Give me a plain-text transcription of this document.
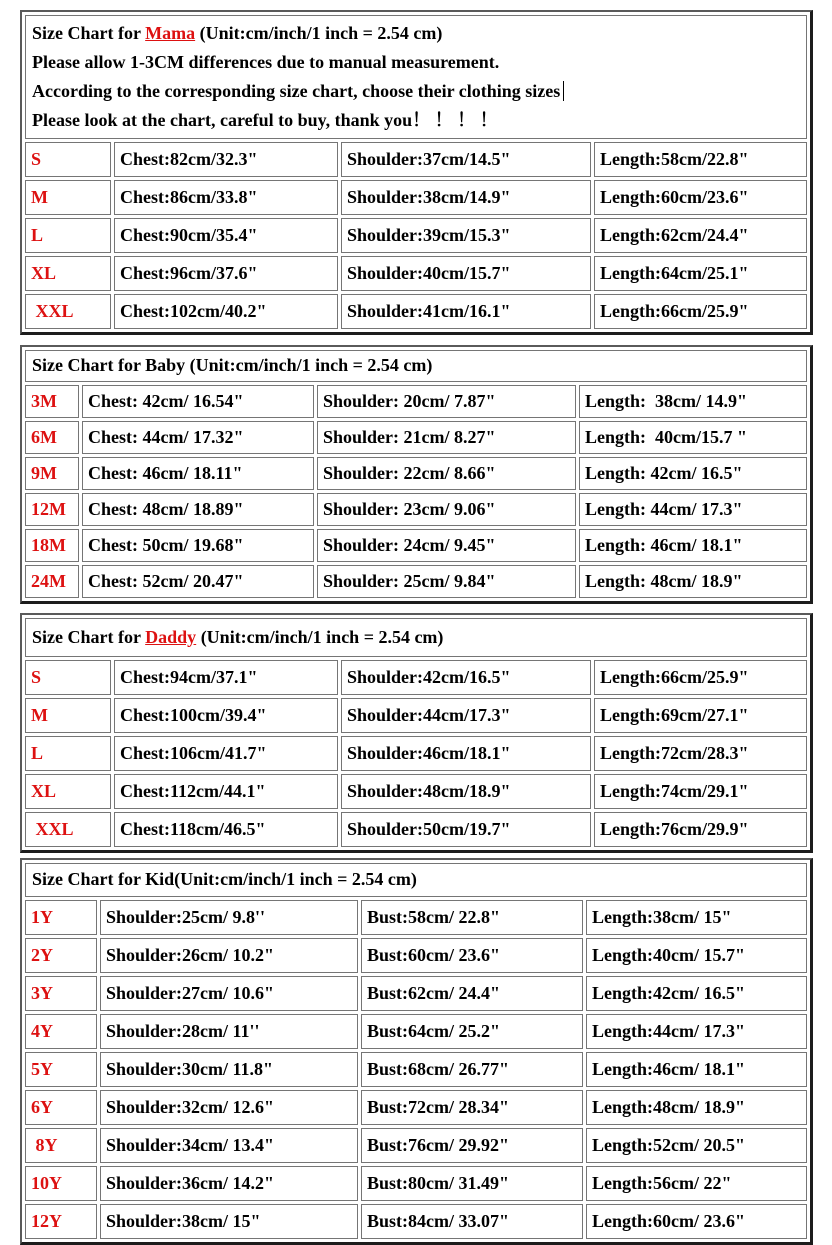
Size Chart for Mama (Unit:cm/inch/1 inch = 2.54 cm)
Please allow 1-3CM differences due to manual measurement.
According to the corresponding size chart, choose their clothing sizes
Please look at the chart, careful to buy, thank you！ ！ ！ ！			

S	Chest:82cm/32.3"	Shoulder:37cm/14.5"	Length:58cm/22.8"
M	Chest:86cm/33.8"	Shoulder:38cm/14.9"	Length:60cm/23.6"
L	Chest:90cm/35.4"	Shoulder:39cm/15.3"	Length:62cm/24.4"
XL	Chest:96cm/37.6"	Shoulder:40cm/15.7"	Length:64cm/25.1"
XXL	Chest:102cm/40.2"	Shoulder:41cm/16.1"	Length:66cm/25.9"
Size Chart for Baby (Unit:cm/inch/1 inch = 2.54 cm)			

3M	Chest: 42cm/ 16.54"	Shoulder: 20cm/ 7.87"	Length:  38cm/ 14.9"
6M	Chest: 44cm/ 17.32"	Shoulder: 21cm/ 8.27"	Length:  40cm/15.7 "
9M	Chest: 46cm/ 18.11"	Shoulder: 22cm/ 8.66"	Length: 42cm/ 16.5"
12M	Chest: 48cm/ 18.89"	Shoulder: 23cm/ 9.06"	Length: 44cm/ 17.3"
18M	Chest: 50cm/ 19.68"	Shoulder: 24cm/ 9.45"	Length: 46cm/ 18.1"
24M	Chest: 52cm/ 20.47"	Shoulder: 25cm/ 9.84"	Length: 48cm/ 18.9"
Size Chart for Daddy (Unit:cm/inch/1 inch = 2.54 cm)			

S	Chest:94cm/37.1"	Shoulder:42cm/16.5"	Length:66cm/25.9"
M	Chest:100cm/39.4"	Shoulder:44cm/17.3"	Length:69cm/27.1"
L	Chest:106cm/41.7"	Shoulder:46cm/18.1"	Length:72cm/28.3"
XL	Chest:112cm/44.1"	Shoulder:48cm/18.9"	Length:74cm/29.1"
XXL	Chest:118cm/46.5"	Shoulder:50cm/19.7"	Length:76cm/29.9"
Size Chart for Kid(Unit:cm/inch/1 inch = 2.54 cm)			

1Y	Shoulder:25cm/ 9.8''	Bust:58cm/ 22.8"	Length:38cm/ 15"
2Y	Shoulder:26cm/ 10.2"	Bust:60cm/ 23.6"	Length:40cm/ 15.7"
3Y	Shoulder:27cm/ 10.6"	Bust:62cm/ 24.4"	Length:42cm/ 16.5"
4Y	Shoulder:28cm/ 11''	Bust:64cm/ 25.2"	Length:44cm/ 17.3"
5Y	Shoulder:30cm/ 11.8"	Bust:68cm/ 26.77"	Length:46cm/ 18.1"
6Y	Shoulder:32cm/ 12.6"	Bust:72cm/ 28.34"	Length:48cm/ 18.9"
8Y	Shoulder:34cm/ 13.4"	Bust:76cm/ 29.92"	Length:52cm/ 20.5"
10Y	Shoulder:36cm/ 14.2"	Bust:80cm/ 31.49"	Length:56cm/ 22"
12Y	Shoulder:38cm/ 15"	Bust:84cm/ 33.07"	Length:60cm/ 23.6"
